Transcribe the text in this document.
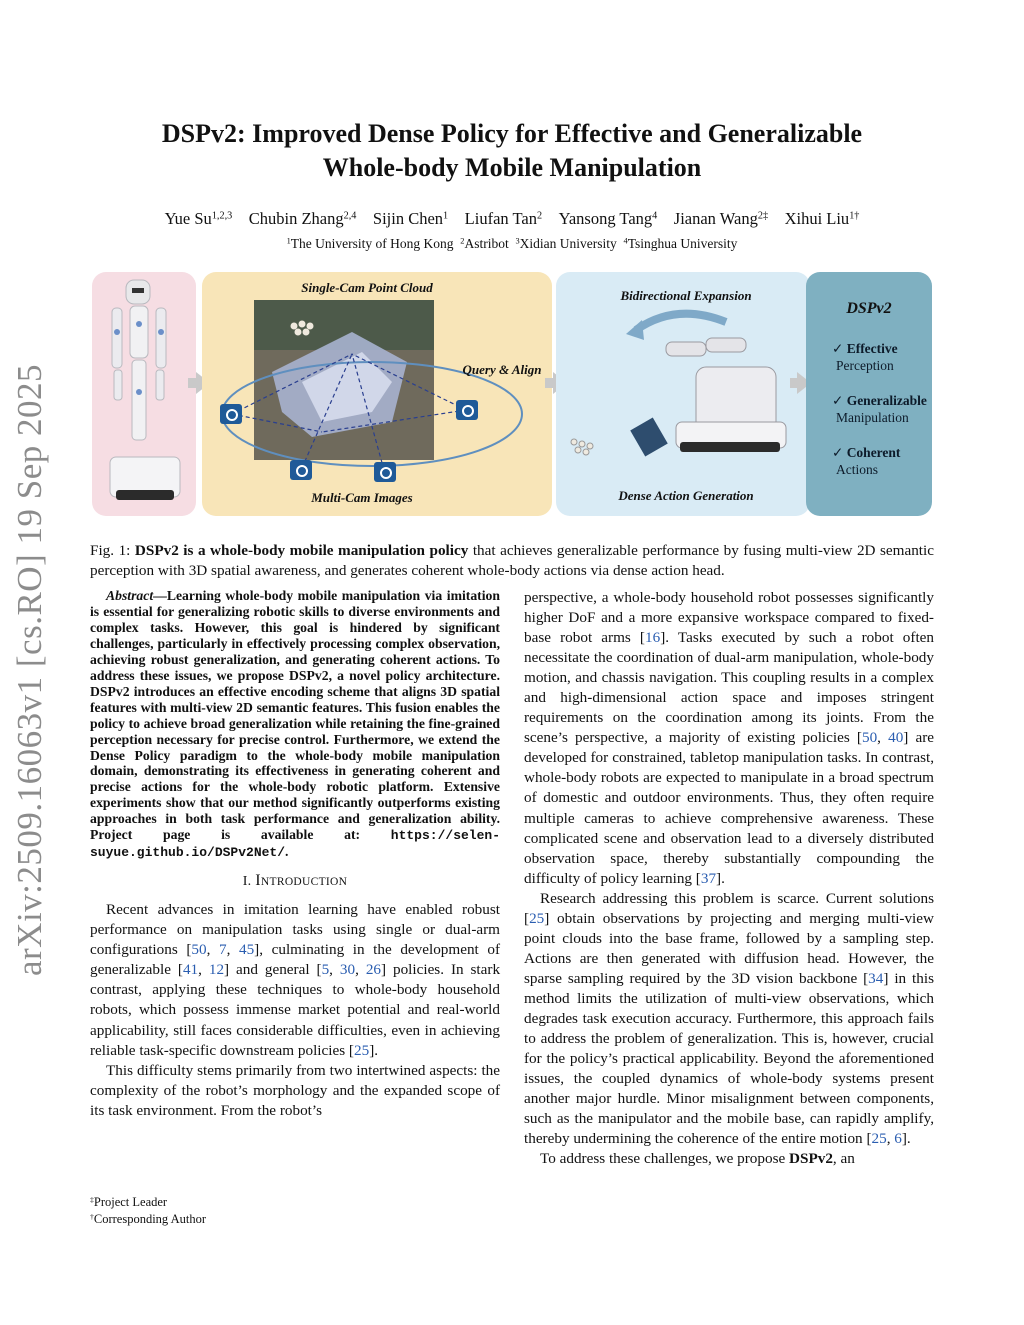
arXiv:2509.16063v1 [cs.RO] 19 Sep 2025
DSPv2: Improved Dense Policy for Effective and Generalizable
Whole-body Mobile Manipulation
Yue Su$^{1,2,3}$  Chubin Zhang$^{2,4}$  Sijin Chen$^1$  Liufan Tan$^2$  Yansong Tang$^4$  Jianan Wang$^{2\ddagger}$  Xihui Liu$^{1\dagger}$
$^1$The University of Hong Kong  $^2$Astribot  $^3$Xidian University  $^4$Tsinghua University
Single-Cam Point Cloud
Query & Align
Multi-Cam Images
Bidirectional Expansion
Dense Action Generation
DSPv2
✓ Effective
Perception
✓ Generalizable
Manipulation
✓ Coherent
Actions
Fig. 1: DSPv2 is a whole-body mobile manipulation policy that achieves generalizable performance by fusing multi-view 2D semantic perception with 3D spatial awareness, and generates coherent whole-body actions via dense action head.

Abstract—Learning whole-body mobile manipulation via imitation is essential for generalizing robotic skills to diverse environments and complex tasks. However, this goal is hindered by significant challenges, particularly in effectively processing complex observation, achieving robust generalization, and generating coherent actions. To address these issues, we propose DSPv2, a novel policy architecture. DSPv2 introduces an effective encoding scheme that aligns 3D spatial features with multi-view 2D semantic features. This fusion enables the policy to achieve broad generalization while retaining the fine-grained perception necessary for precise control. Furthermore, we extend the Dense Policy paradigm to the whole-body mobile manipulation domain, demonstrating its effectiveness in generating coherent and precise actions for the whole-body robotic platform. Extensive experiments show that our method significantly outperforms existing approaches in both task performance and generalization ability. Project page is available at: https://selen-suyue.github.io/DSPv2Net/.

I. INTRODUCTION

Recent advances in imitation learning have enabled robust performance on manipulation tasks using single or dual-arm configurations [50, 7, 45], culminating in the development of generalizable [41, 12] and general [5, 30, 26] policies. In stark contrast, applying these techniques to whole-body household robots, which possess immense market potential and real-world applicability, still faces considerable difficulties, even in achieving reliable task-specific downstream policies [25].

This difficulty stems primarily from two intertwined aspects: the complexity of the robot’s morphology and the expanded scope of its task environment. From the robot’s

perspective, a whole-body household robot possesses significantly higher DoF and a more expansive workspace compared to fixed-base robot arms [16]. Tasks executed by such a robot often necessitate the coordination of dual-arm manipulation, whole-body motion, and chassis navigation. This coupling results in a complex and high-dimensional action space and imposes stringent requirements on the coordination among its joints. From the scene’s perspective, a majority of existing policies [50, 40] are developed for constrained, tabletop manipulation tasks. In contrast, whole-body robots are expected to manipulate in a broad spectrum of domestic and outdoor environments. Thus, they often require multiple cameras to achieve comprehensive awareness. These complicated scene and observation lead to a diversely distributed observation space, thereby substantially compounding the difficulty of policy learning [37].

Research addressing this problem is scarce. Current solutions [25] obtain observations by projecting and merging multi-view point clouds into the base frame, followed by a sampling step. Actions are then generated with diffusion head. However, the sparse sampling required by the 3D vision backbone [34] in this method limits the utilization of multi-view observations, which degrades task execution accuracy. Furthermore, this approach fails to address the problem of generalization. This is, however, crucial for the policy’s practical applicability. Beyond the aforementioned issues, the coupled dynamics of whole-body systems present another major hurdle. Minor misalignment between components, such as the manipulator and the mobile base, can rapidly amplify, thereby undermining the coherence of the entire motion [25, 6].

To address these challenges, we propose DSPv2, an

‡Project Leader
†Corresponding Author
